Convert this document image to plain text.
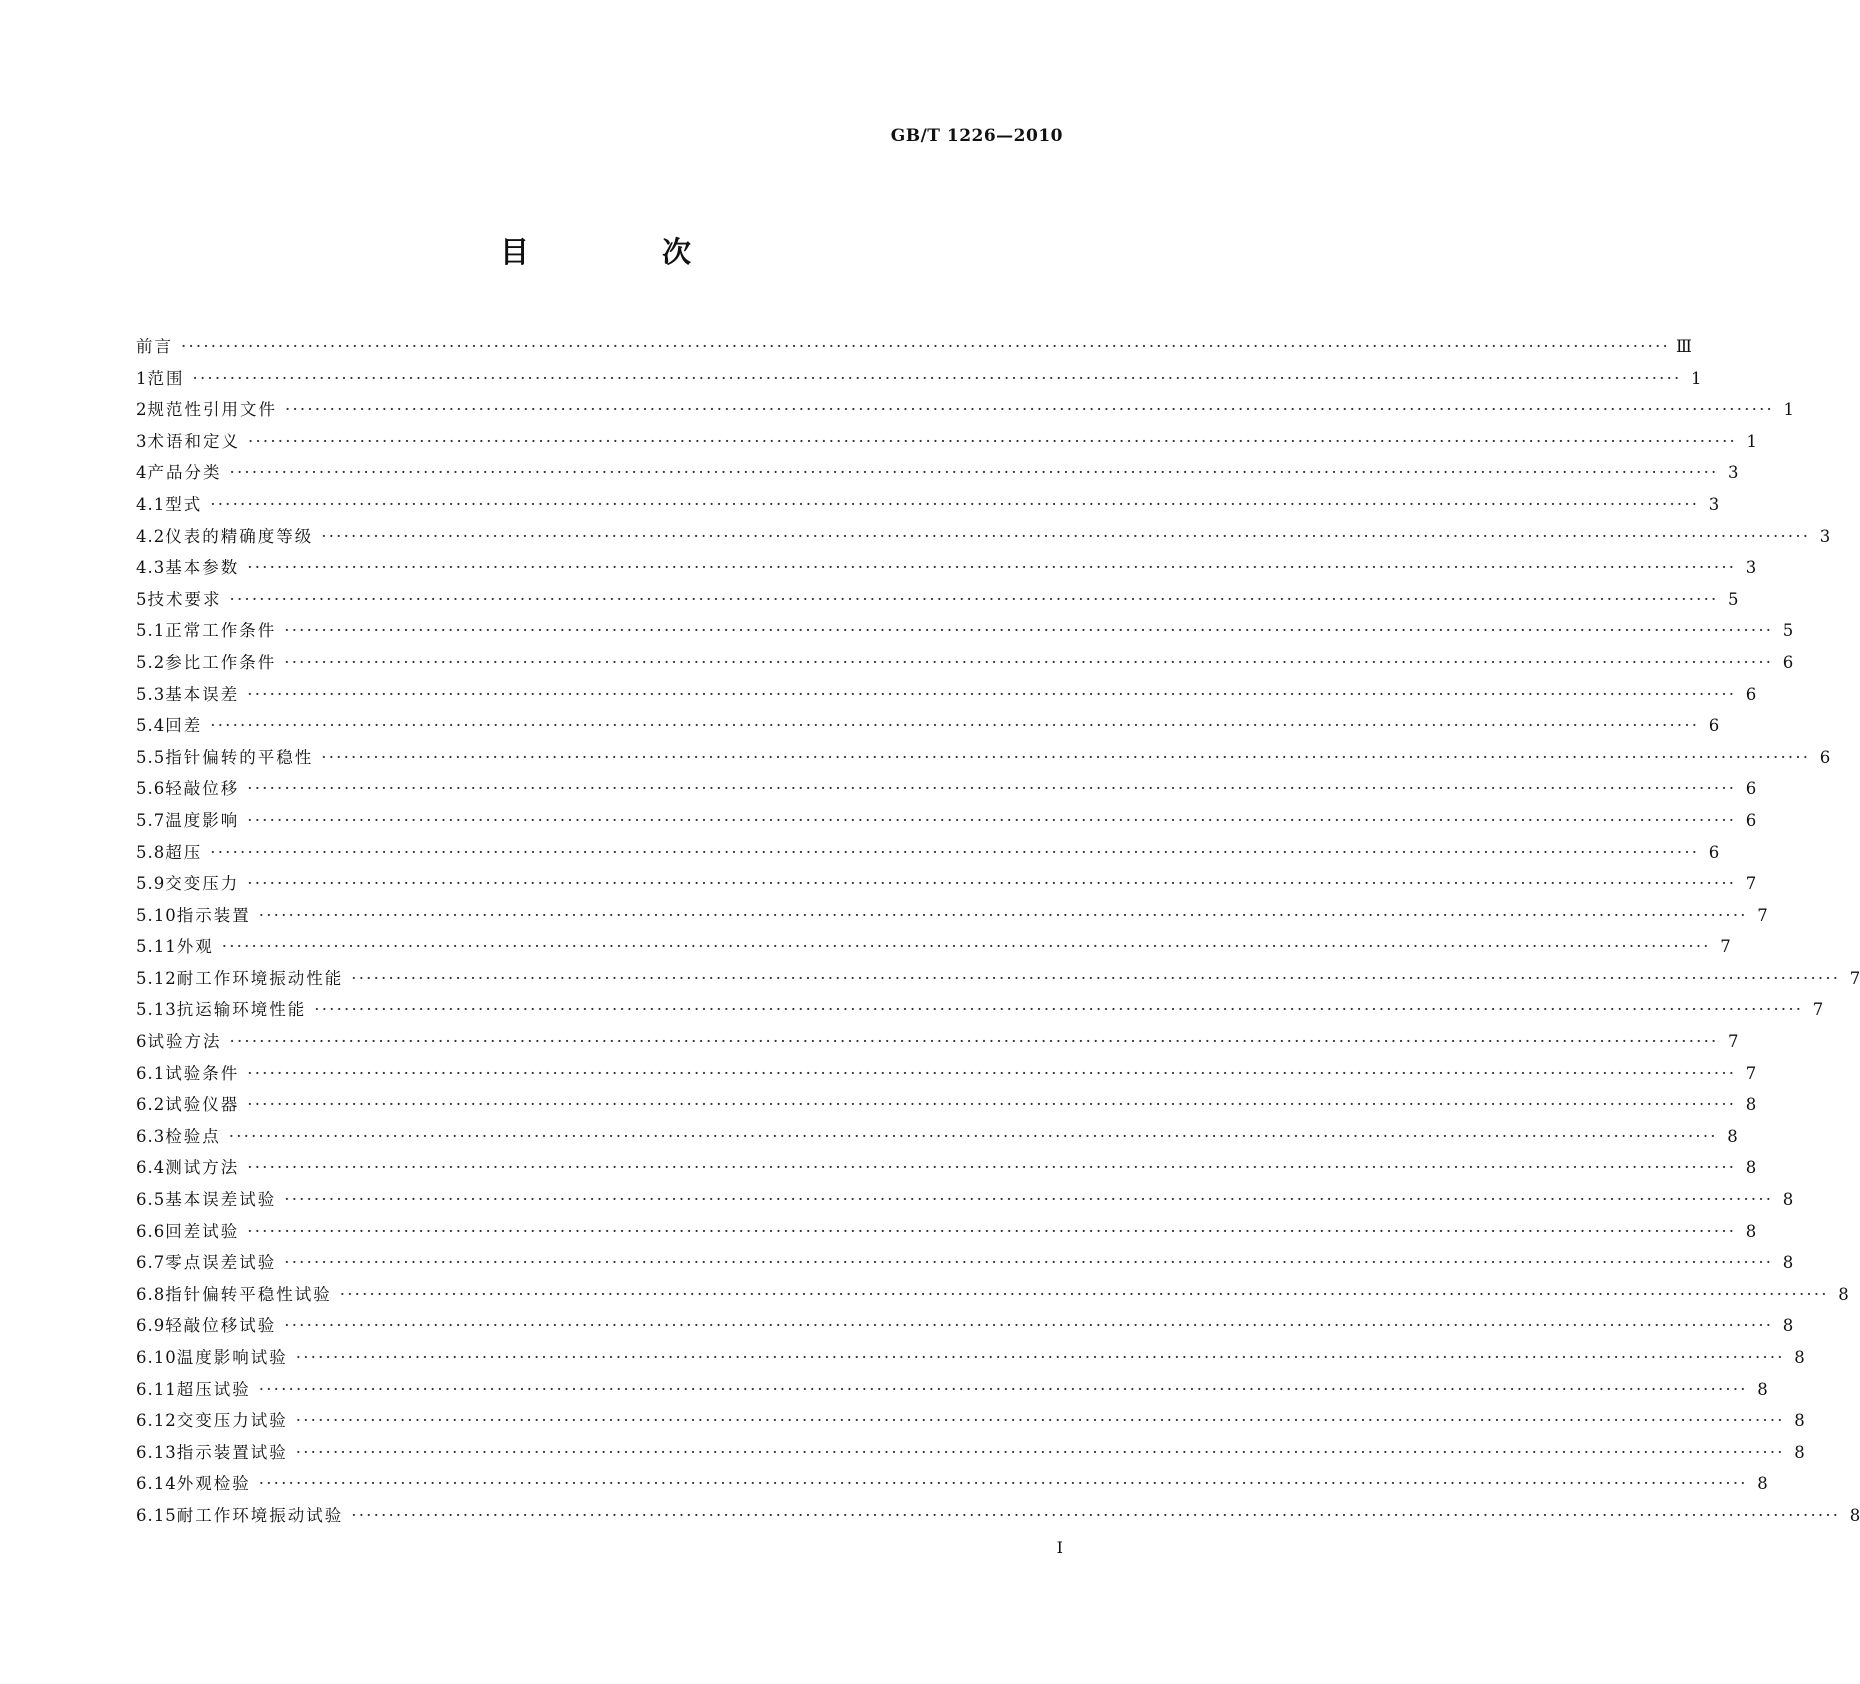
GB/T 1226—2010
目　次
前言 ········································································································································································································ Ⅲ
1 范围 ········································································································································································································ 1
2 规范性引用文件 ········································································································································································································ 1
3 术语和定义 ········································································································································································································ 1
4 产品分类 ········································································································································································································ 3
4.1 型式 ········································································································································································································ 3
4.2 仪表的精确度等级 ········································································································································································································ 3
4.3 基本参数 ········································································································································································································ 3
5 技术要求 ········································································································································································································ 5
5.1 正常工作条件 ········································································································································································································ 5
5.2 参比工作条件 ········································································································································································································ 6
5.3 基本误差 ········································································································································································································ 6
5.4 回差 ········································································································································································································ 6
5.5 指针偏转的平稳性 ········································································································································································································ 6
5.6 轻敲位移 ········································································································································································································ 6
5.7 温度影响 ········································································································································································································ 6
5.8 超压 ········································································································································································································ 6
5.9 交变压力 ········································································································································································································ 7
5.10 指示装置 ········································································································································································································ 7
5.11 外观 ········································································································································································································ 7
5.12 耐工作环境振动性能 ········································································································································································································ 7
5.13 抗运输环境性能 ········································································································································································································ 7
6 试验方法 ········································································································································································································ 7
6.1 试验条件 ········································································································································································································ 7
6.2 试验仪器 ········································································································································································································ 8
6.3 检验点 ········································································································································································································ 8
6.4 测试方法 ········································································································································································································ 8
6.5 基本误差试验 ········································································································································································································ 8
6.6 回差试验 ········································································································································································································ 8
6.7 零点误差试验 ········································································································································································································ 8
6.8 指针偏转平稳性试验 ········································································································································································································ 8
6.9 轻敲位移试验 ········································································································································································································ 8
6.10 温度影响试验 ········································································································································································································ 8
6.11 超压试验 ········································································································································································································ 8
6.12 交变压力试验 ········································································································································································································ 8
6.13 指示装置试验 ········································································································································································································ 8
6.14 外观检验 ········································································································································································································ 8
6.15 耐工作环境振动试验 ········································································································································································································ 8
I
